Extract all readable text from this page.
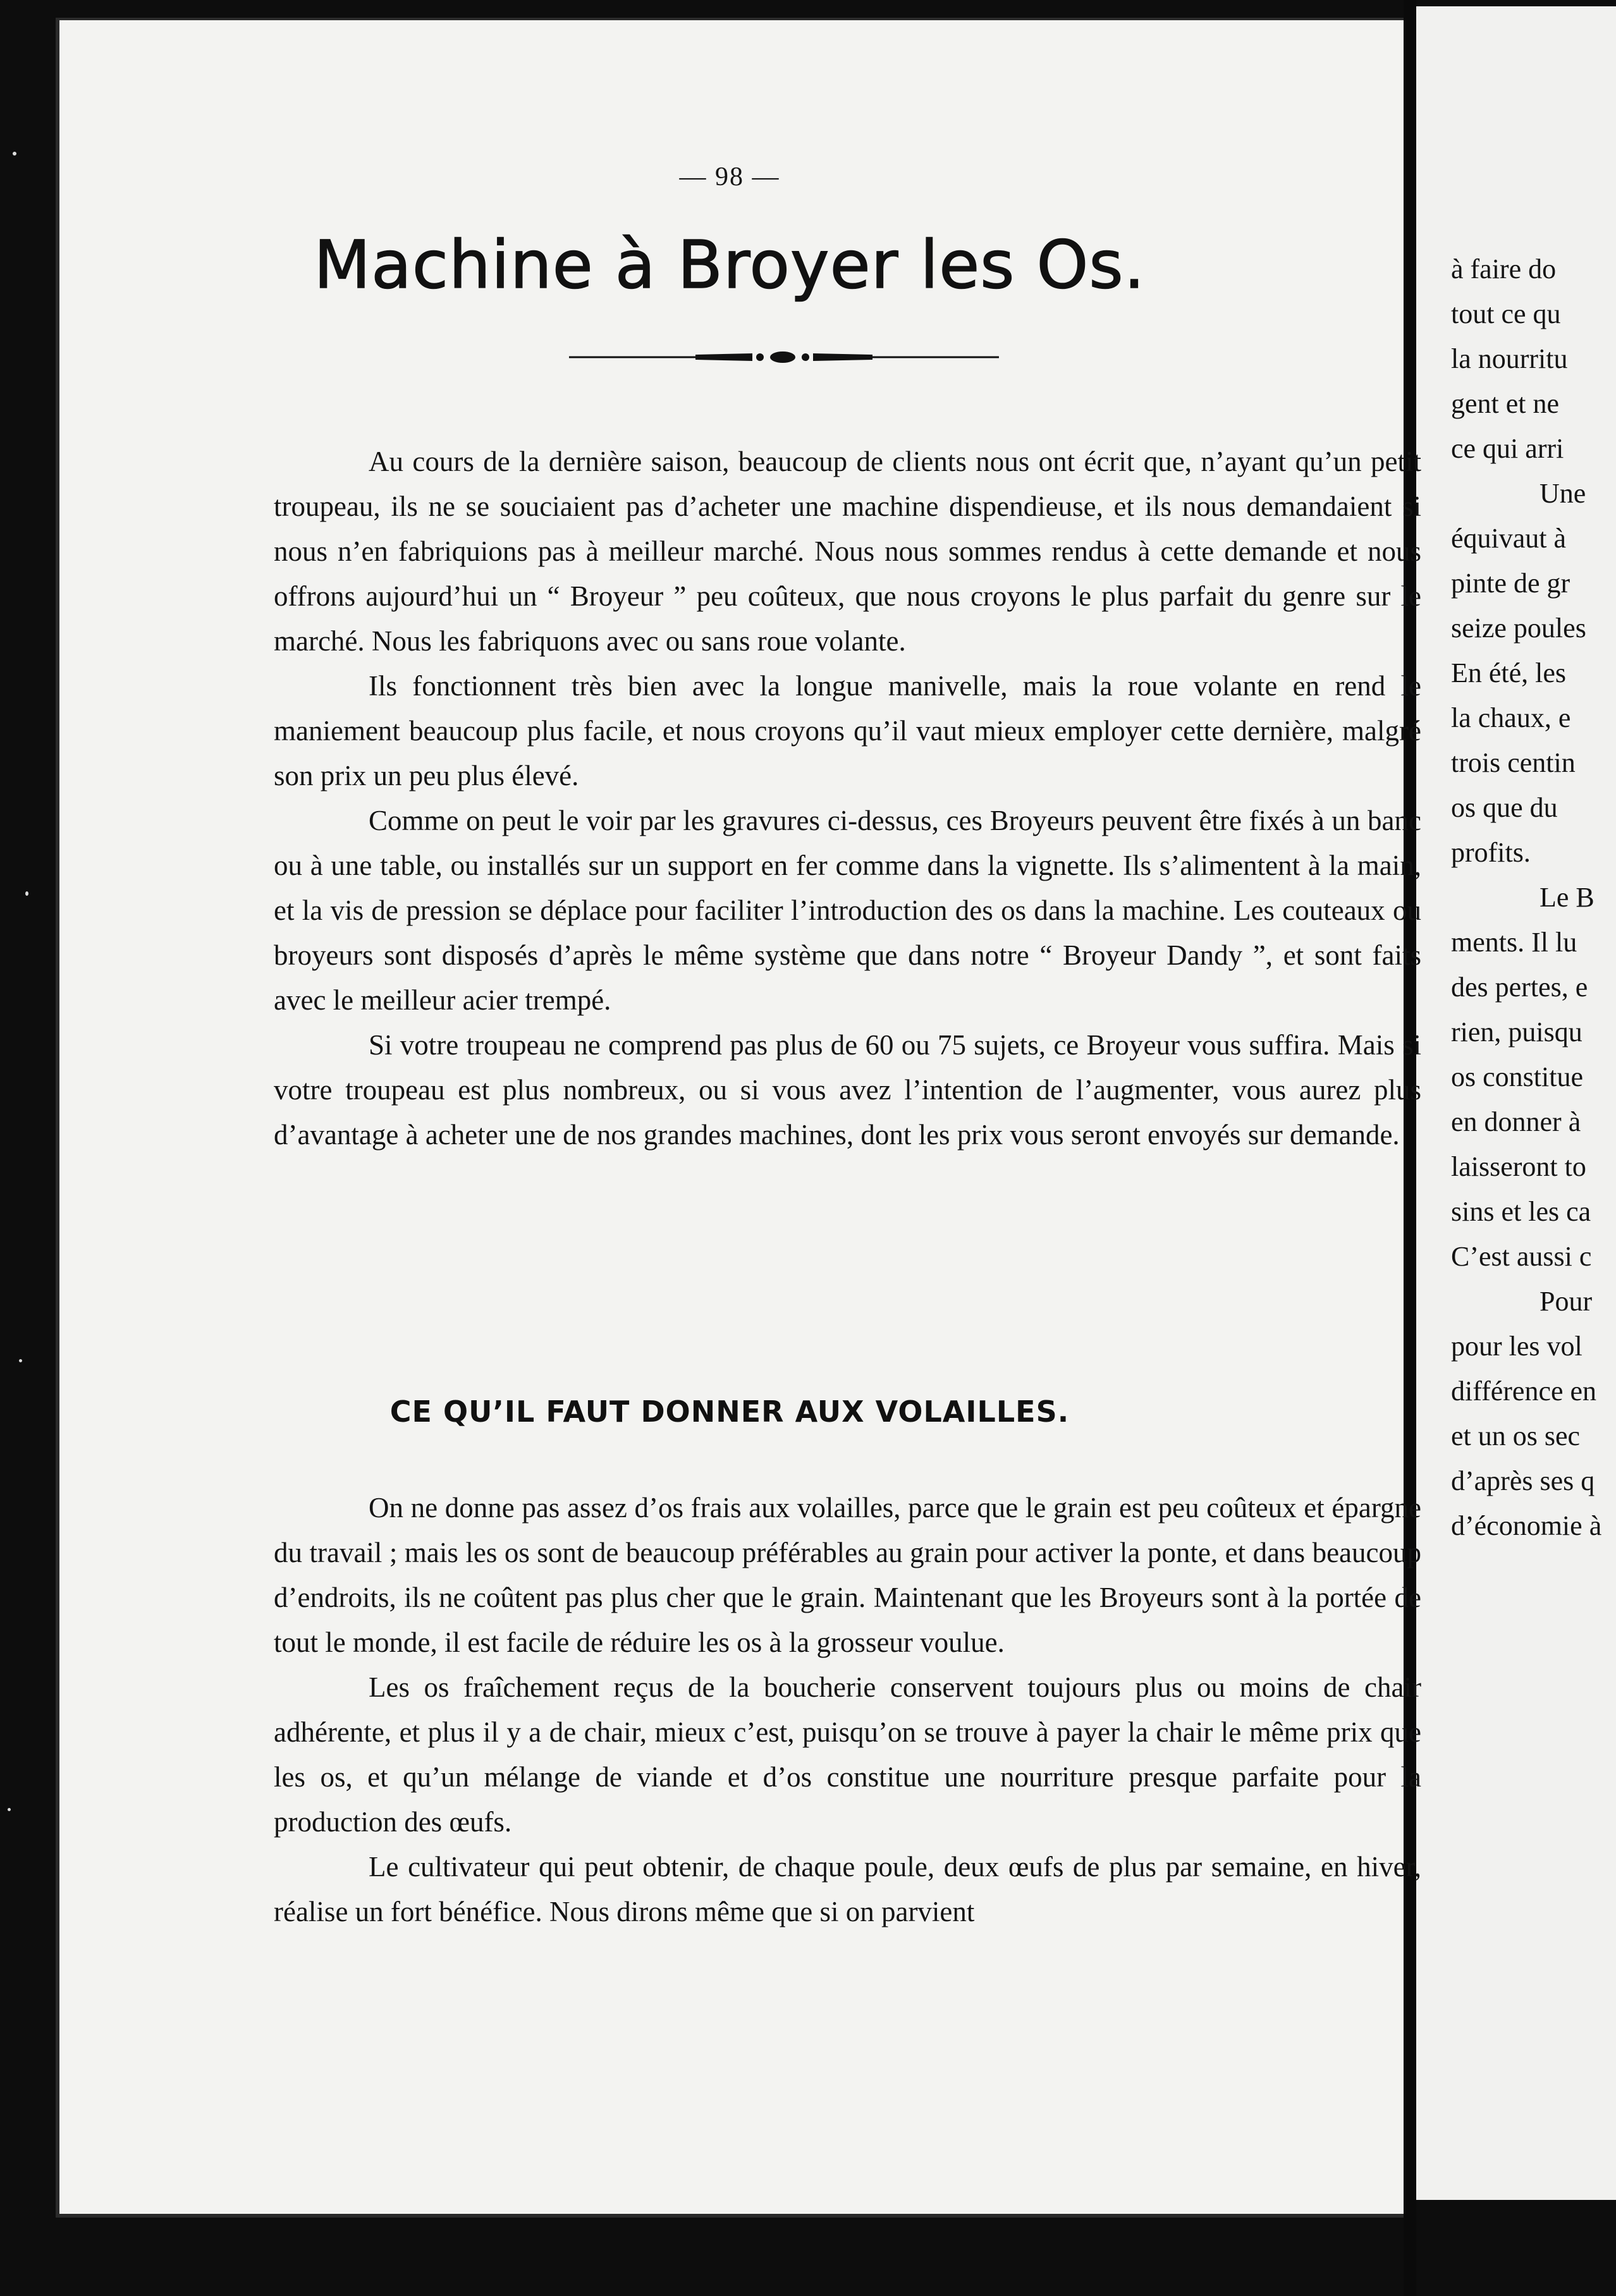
à faire do
tout ce qu
la nourritu
gent et ne
ce qui arri
Une
équivaut à
pinte de gr
seize poules
En été, les
la chaux, e
trois centin
os que du
profits.
Le B
ments. Il lu
des pertes, e
rien, puisqu
os constitue
en donner à
laisseront to
sins et les ca
C’est aussi c
Pour
pour les vol
différence en
et un os sec
d’après ses q
d’économie à
— 98 —
Machine à Broyer les Os.

Au cours de la dernière saison, beaucoup de clients nous ont écrit que, n’ayant qu’un petit troupeau, ils ne se souciaient pas d’acheter une machine dispendieuse, et ils nous demandaient si nous n’en fabriquions pas à meilleur marché. Nous nous sommes rendus à cette demande et nous offrons aujourd’hui un “ Broyeur ” peu coûteux, que nous croyons le plus parfait du genre sur le marché. Nous les fabriquons avec ou sans roue volante.

Ils fonctionnent très bien avec la longue manivelle, mais la roue volante en rend le maniement beaucoup plus facile, et nous croyons qu’il vaut mieux employer cette dernière, malgré son prix un peu plus élevé.

Comme on peut le voir par les gravures ci-dessus, ces Broyeurs peuvent être fixés à un banc ou à une table, ou installés sur un support en fer comme dans la vignette. Ils s’alimentent à la main, et la vis de pression se déplace pour faciliter l’introduction des os dans la machine. Les couteaux ou broyeurs sont disposés d’après le même système que dans notre “ Broyeur Dandy ”, et sont faits avec le meilleur acier trempé.

Si votre troupeau ne comprend pas plus de 60 ou 75 sujets, ce Broyeur vous suffira. Mais si votre troupeau est plus nombreux, ou si vous avez l’intention de l’augmenter, vous aurez plus d’avantage à acheter une de nos grandes machines, dont les prix vous seront envoyés sur demande.

CE QU’IL FAUT DONNER AUX VOLAILLES.

On ne donne pas assez d’os frais aux volailles, parce que le grain est peu coûteux et épargne du travail ; mais les os sont de beaucoup préférables au grain pour activer la ponte, et dans beaucoup d’endroits, ils ne coûtent pas plus cher que le grain. Maintenant que les Broyeurs sont à la portée de tout le monde, il est facile de réduire les os à la grosseur voulue.

Les os fraîchement reçus de la boucherie conservent toujours plus ou moins de chair adhérente, et plus il y a de chair, mieux c’est, puisqu’on se trouve à payer la chair le même prix que les os, et qu’un mélange de viande et d’os constitue une nourriture presque parfaite pour la production des œufs.

Le cultivateur qui peut obtenir, de chaque poule, deux œufs de plus par semaine, en hiver, réalise un fort bénéfice. Nous dirons même que si on parvient
